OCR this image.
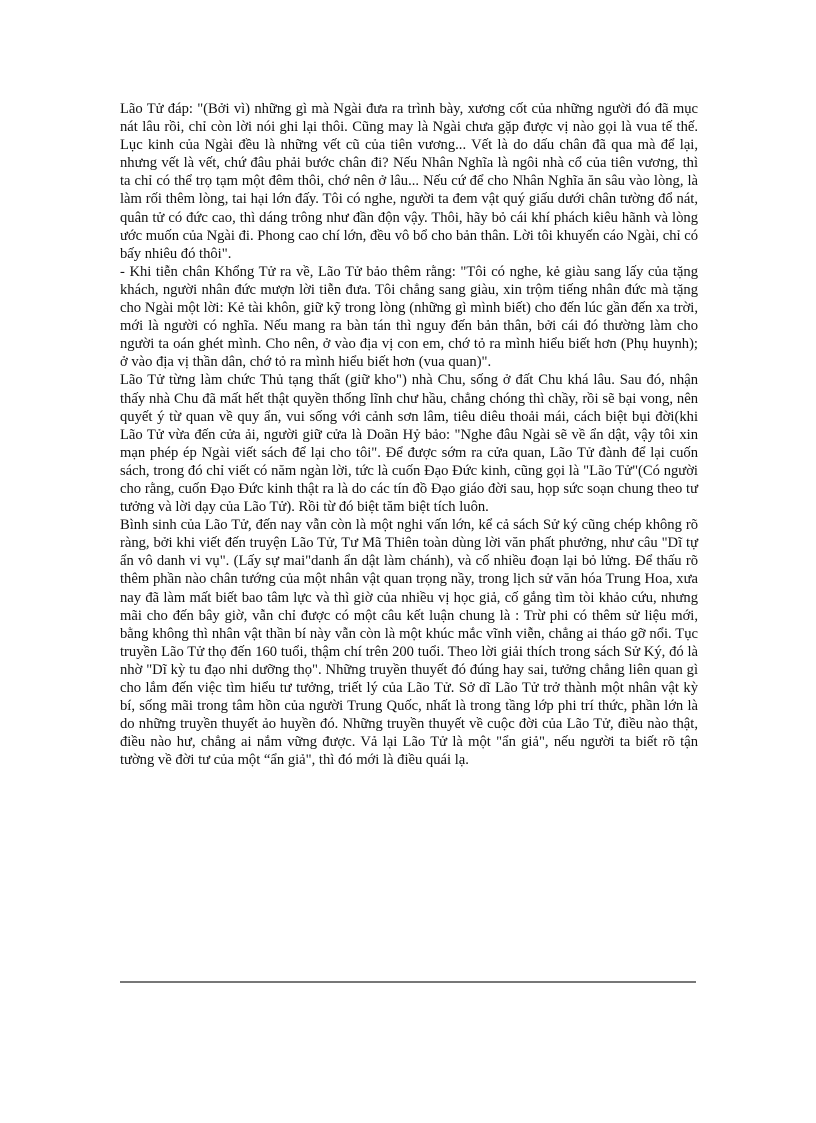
Lão Tử đáp: "(Bởi vì) những gì mà Ngài đưa ra trình bày, xương cốt của những người đó đã mục nát lâu rồi, chỉ còn lời nói ghi lại thôi. Cũng may là Ngài chưa gặp được vị nào gọi là vua tế thế. Lục kinh của Ngài đều là những vết cũ của tiên vương... Vết là do dấu chân đã qua mà để lại, nhưng vết là vết, chứ đâu phải bước chân đi? Nếu Nhân Nghĩa là ngôi nhà cổ của tiên vương, thì ta chỉ có thể trọ tạm một đêm thôi, chớ nên ở lâu... Nếu cứ để cho Nhân Nghĩa ăn sâu vào lòng, là làm rối thêm lòng, tai hại lớn đấy. Tôi có nghe, người ta đem vật quý giấu dưới chân tường đổ nát, quân tử có đức cao, thì dáng trông như đần độn vậy. Thôi, hãy bỏ cái khí phách kiêu hãnh và lòng ước muốn của Ngài đi. Phong cao chí lớn, đều vô bổ cho bản thân. Lời tôi khuyến cáo Ngài, chỉ có bấy nhiêu đó thôi".

- Khi tiễn chân Khổng Tử ra về, Lão Tử bảo thêm rằng: "Tôi có nghe, kẻ giàu sang lấy của tặng khách, người nhân đức mượn lời tiễn đưa. Tôi chẳng sang giàu, xin trộm tiếng nhân đức mà tặng cho Ngài một lời: Kẻ tài khôn, giữ kỹ trong lòng (những gì mình biết) cho đến lúc gần đến xa trời, mới là người có nghĩa. Nếu mang ra bàn tán thì nguy đến bản thân, bởi cái đó thường làm cho người ta oán ghét mình. Cho nên, ở vào địa vị con em, chớ tỏ ra mình hiểu biết hơn (Phụ huynh); ở vào địa vị thần dân, chớ tỏ ra mình hiểu biết hơn (vua quan)".

Lão Tử từng làm chức Thủ tạng thất (giữ kho") nhà Chu, sống ở đất Chu khá lâu. Sau đó, nhận thấy nhà Chu đã mất hết thật quyền thống lĩnh chư hầu, chẳng chóng thì chầy, rồi sẽ bại vong, nên quyết ý từ quan về quy ẩn, vui sống với cảnh sơn lâm, tiêu diêu thoải mái, cách biệt bụi đời(khi Lão Tử vừa đến cửa ải, người giữ cửa là Doãn Hỷ bảo: "Nghe đâu Ngài sẽ về ẩn dật, vậy tôi xin mạn phép ép Ngài viết sách để lại cho tôi". Để được sớm ra cửa quan, Lão Tử đành để lại cuốn sách, trong đó chỉ viết có năm ngàn lời, tức là cuốn Đạo Đức kinh, cũng gọi là "Lão Tử"(Có người cho rằng, cuốn Đạo Đức kinh thật ra là do các tín đồ Đạo giáo đời sau, họp sức soạn chung theo tư tưởng và lời dạy của Lão Tử). Rồi từ đó biệt tăm biệt tích luôn.

Bình sinh của Lão Tử, đến nay vẫn còn là một nghi vấn lớn, kể cả sách Sử ký cũng chép không rõ ràng, bởi khi viết đến truyện Lão Tử, Tư Mã Thiên toàn dùng lời văn phất phưởng, như câu "Dĩ tự ẩn vô danh vi vụ". (Lấy sự mai"danh ẩn dật làm chánh), và cố nhiều đoạn lại bỏ lửng. Để thấu rõ thêm phần nào chân tướng của một nhân vật quan trọng nầy, trong lịch sử văn hóa Trung Hoa, xưa nay đã làm mất biết bao tâm lực và thì giờ của nhiều vị học giả, cố gắng tìm tòi khảo cứu, nhưng mãi cho đến bây giờ, vẫn chỉ được có một câu kết luận chung là : Trừ phi có thêm sử liệu mới, bằng không thì nhân vật thần bí này vẫn còn là một khúc mắc vĩnh viễn, chẳng ai tháo gỡ nổi. Tục truyền Lão Tử thọ đến 160 tuổi, thậm chí trên 200 tuổi. Theo lời giải thích trong sách Sử Ký, đó là nhờ "Dĩ kỳ tu đạo nhi dưỡng thọ". Những truyền thuyết đó đúng hay sai, tưởng chẳng liên quan gì cho lắm đến việc tìm hiểu tư tưởng, triết lý của Lão Tử. Sở dĩ Lão Tử trở thành một nhân vật kỳ bí, sống mãi trong tâm hồn của người Trung Quốc, nhất là trong tầng lớp phi trí thức, phần lớn là do những truyền thuyết ảo huyền đó. Những truyền thuyết về cuộc đời của Lão Tử, điều nào thật, điều nào hư, chẳng ai nắm vững được. Vả lại Lão Tử là một "ẩn giả", nếu người ta biết rõ tận tường về đời tư của một “ẩn giả", thì đó mới là điều quái lạ.
